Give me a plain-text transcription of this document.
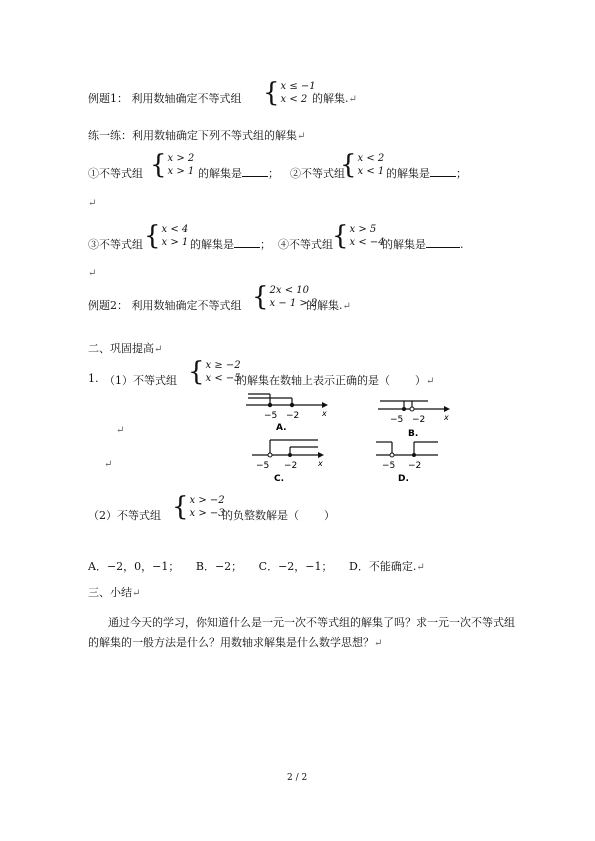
例题1： 利用数轴确定不等式组 { x ≤ −1
x < 2 的解集.↵
练一练：利用数轴确定下列不等式组的解集↵
①不等式组 { x > 2
x > 1 的解集是 ； ②不等式组
{ x < 2
x < 1 的解集是 ；
↵
③不等式组 { x < 4
x > 1 的解集是 ； ④不等式组 { x > 5
x < −4
的解集是	.
↵
例题2： 利用数轴确定不等式组 { 2x < 10
x − 1 > 2
的解集.↵
二、巩固提高↵
1. （1）不等式组 { x ≥ −2
x < −5
的解集在数轴上表示正确的是（ ）↵
↵
↵
−5 −2	x
A.
−5 −2 x
B.
−5 −2	x
C.
−5 −2
D.
（2）不等式组 { x > −2
x > −3
的负整数解是（ ）
A．−2，0，−1；　　B．−2；　　C．−2，−1；　　D．不能确定.↵
三、小结↵
通过今天的学习，你知道什么是一元一次不等式组的解集了吗？求一元一次不等式组
的解集的一般方法是什么？用数轴求解集是什么数学思想？↵
2 / 2
